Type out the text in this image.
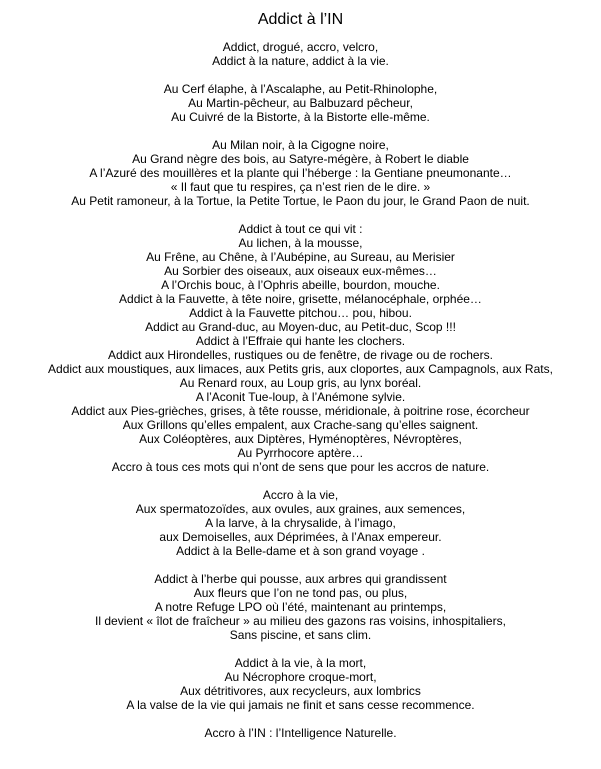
Addict à l’IN
Addict, drogué, accro, velcro,
Addict à la nature, addict à la vie.
Au Cerf élaphe, à l’Ascalaphe, au Petit-Rhinolophe,
Au Martin-pêcheur, au Balbuzard pêcheur,
Au Cuivré de la Bistorte, à la Bistorte elle-même.
Au Milan noir, à la Cigogne noire,
Au Grand nègre des bois, au Satyre-mégère, à Robert le diable
A l’Azuré des mouillères et la plante qui l’héberge : la Gentiane pneumonante…
« Il faut que tu respires, ça n’est rien de le dire. »
Au Petit ramoneur, à la Tortue, la Petite Tortue, le Paon du jour, le Grand Paon de nuit.
Addict à tout ce qui vit :
Au lichen, à la mousse,
Au Frêne, au Chêne, à l’Aubépine, au Sureau, au Merisier
Au Sorbier des oiseaux, aux oiseaux eux-mêmes…
A l’Orchis bouc, à l’Ophris abeille, bourdon, mouche.
Addict à la Fauvette, à tête noire, grisette, mélanocéphale, orphée…
Addict à la Fauvette pitchou… pou, hibou.
Addict au Grand-duc, au Moyen-duc, au Petit-duc, Scop !!!
Addict à l’Effraie qui hante les clochers.
Addict aux Hirondelles, rustiques ou de fenêtre, de rivage ou de rochers.
Addict aux moustiques, aux limaces, aux Petits gris, aux cloportes, aux Campagnols, aux Rats,
Au Renard roux, au Loup gris, au lynx boréal.
A l’Aconit Tue-loup, à l’Anémone sylvie.
Addict aux Pies-grièches, grises, à tête rousse, méridionale, à poitrine rose, écorcheur
Aux Grillons qu’elles empalent, aux Crache-sang qu’elles saignent.
Aux Coléoptères, aux Diptères, Hyménoptères, Névroptères,
Au Pyrrhocore aptère…
Accro à tous ces mots qui n’ont de sens que pour les accros de nature.
Accro à la vie,
Aux spermatozoïdes, aux ovules, aux graines, aux semences,
A la larve, à la chrysalide, à l’imago,
aux Demoiselles, aux Déprimées, à l’Anax empereur.
Addict à la Belle-dame et à son grand voyage .
Addict à l’herbe qui pousse, aux arbres qui grandissent
Aux fleurs que l’on ne tond pas, ou plus,
A notre Refuge LPO où l’été, maintenant au printemps,
Il devient « îlot de fraîcheur » au milieu des gazons ras voisins, inhospitaliers,
Sans piscine, et sans clim.
Addict à la vie, à la mort,
Au Nécrophore croque-mort,
Aux détritivores, aux recycleurs, aux lombrics
A la valse de la vie qui jamais ne finit et sans cesse recommence.
Accro à l’IN : l’Intelligence Naturelle.
